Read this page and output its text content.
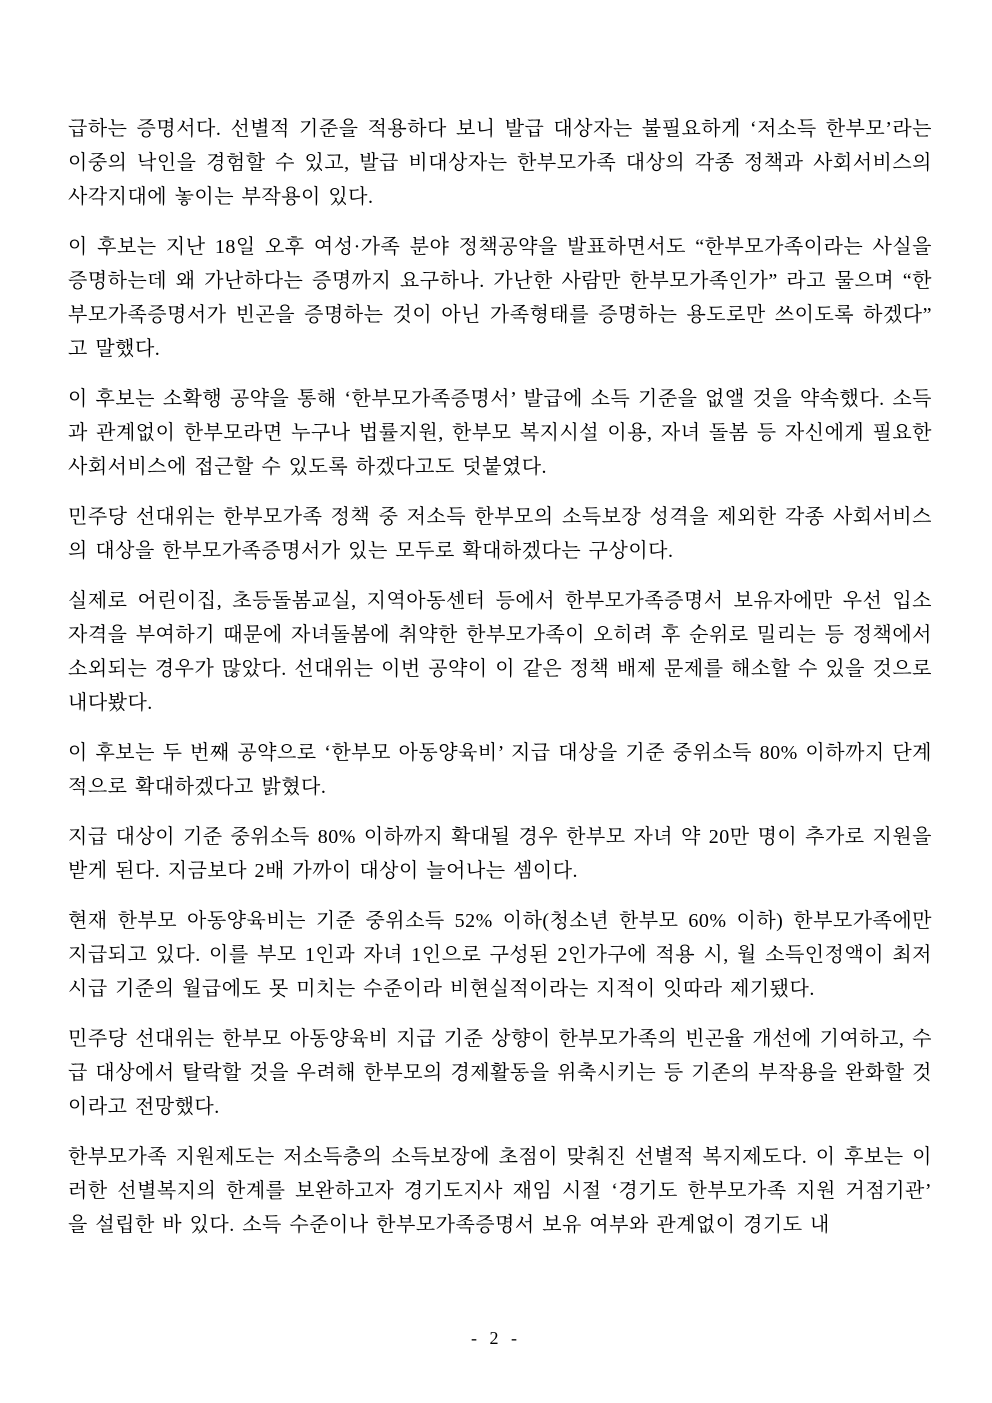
급하는 증명서다. 선별적 기준을 적용하다 보니 발급 대상자는 불필요하게 ‘저소득 한부모’라는 이중의 낙인을 경험할 수 있고, 발급 비대상자는 한부모가족 대상의 각종 정책과 사회서비스의 사각지대에 놓이는 부작용이 있다.

이 후보는 지난 18일 오후 여성·가족 분야 정책공약을 발표하면서도 “한부모가족이라는 사실을 증명하는데 왜 가난하다는 증명까지 요구하나. 가난한 사람만 한부모가족인가” 라고 물으며 “한부모가족증명서가 빈곤을 증명하는 것이 아닌 가족형태를 증명하는 용도로만 쓰이도록 하겠다” 고 말했다.

이 후보는 소확행 공약을 통해 ‘한부모가족증명서’ 발급에 소득 기준을 없앨 것을 약속했다. 소득과 관계없이 한부모라면 누구나 법률지원, 한부모 복지시설 이용, 자녀 돌봄 등 자신에게 필요한 사회서비스에 접근할 수 있도록 하겠다고도 덧붙였다.

민주당 선대위는 한부모가족 정책 중 저소득 한부모의 소득보장 성격을 제외한 각종 사회서비스의 대상을 한부모가족증명서가 있는 모두로 확대하겠다는 구상이다.

실제로 어린이집, 초등돌봄교실, 지역아동센터 등에서 한부모가족증명서 보유자에만 우선 입소 자격을 부여하기 때문에 자녀돌봄에 취약한 한부모가족이 오히려 후 순위로 밀리는 등 정책에서 소외되는 경우가 많았다. 선대위는 이번 공약이 이 같은 정책 배제 문제를 해소할 수 있을 것으로 내다봤다.

이 후보는 두 번째 공약으로 ‘한부모 아동양육비’ 지급 대상을 기준 중위소득 80% 이하까지 단계적으로 확대하겠다고 밝혔다.

지급 대상이 기준 중위소득 80% 이하까지 확대될 경우 한부모 자녀 약 20만 명이 추가로 지원을 받게 된다. 지금보다 2배 가까이 대상이 늘어나는 셈이다.

현재 한부모 아동양육비는 기준 중위소득 52% 이하(청소년 한부모 60% 이하) 한부모가족에만 지급되고 있다. 이를 부모 1인과 자녀 1인으로 구성된 2인가구에 적용 시, 월 소득인정액이 최저시급 기준의 월급에도 못 미치는 수준이라 비현실적이라는 지적이 잇따라 제기됐다.

민주당 선대위는 한부모 아동양육비 지급 기준 상향이 한부모가족의 빈곤율 개선에 기여하고, 수급 대상에서 탈락할 것을 우려해 한부모의 경제활동을 위축시키는 등 기존의 부작용을 완화할 것이라고 전망했다.

한부모가족 지원제도는 저소득층의 소득보장에 초점이 맞춰진 선별적 복지제도다. 이 후보는 이러한 선별복지의 한계를 보완하고자 경기도지사 재임 시절 ‘경기도 한부모가족 지원 거점기관’ 을 설립한 바 있다. 소득 수준이나 한부모가족증명서 보유 여부와 관계없이 경기도 내

- 2 -
